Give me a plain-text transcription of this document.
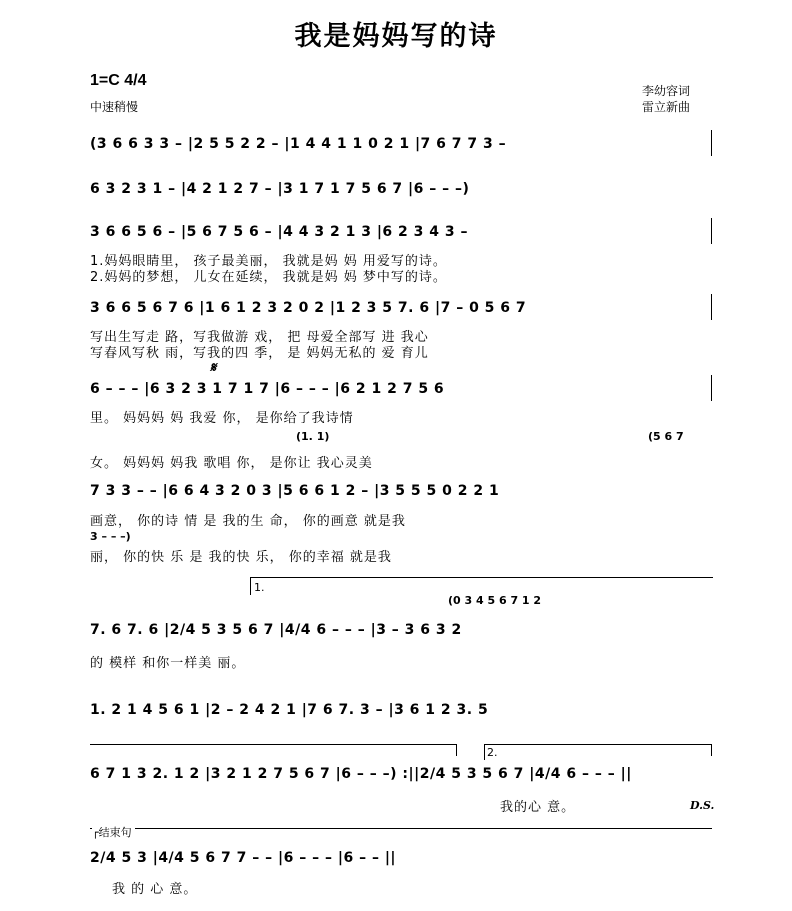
我是妈妈写的诗
1=C 4/4
中速稍慢
李幼容词
雷立新曲
(3 6 6 3 3 – |2 5 5 2 2 – |1 4 4 1 1 0 2 1 |7 6 7 7 3 –
6 3 2 3 1 – |4 2 1 2 7 – |3 1 7 1 7 5 6 7 |6 – – –)
3 6 6 5 6 – |5 6 7 5 6 – |4 4 3 2 1 3 |6 2 3 4 3 –
1.妈妈眼睛里， 孩子最美丽， 我就是妈 妈 用爱写的诗。
2.妈妈的梦想， 儿女在延续， 我就是妈 妈 梦中写的诗。
3 6 6 5 6 7 6 |1 6 1 2 3 2 0 2 |1 2 3 5 7. 6 |7 – 0 5 6 7
写出生写走 路，写我做游 戏， 把 母爱全部写 进 我心
写春风写秋 雨，写我的四 季， 是 妈妈无私的 爱 育儿
𝄋
6 – – – |6 3 2 3 1 7 1 7 |6 – – – |6 2 1 2 7 5 6
里。 妈妈妈 妈 我爱 你， 是你给了我诗情
(1. 1)	(5 6 7
女。 妈妈妈 妈我 歌唱 你， 是你让 我心灵美
7 3 3 – – |6 6 4 3 2 0 3 |5 6 6 1 2 – |3 5 5 5 0 2 2 1
画意， 你的诗 情 是 我的生 命， 你的画意 就是我
3 – – –)
丽， 你的快 乐 是 我的快 乐， 你的幸福 就是我
1.
(0 3 4 5 6 7 1 2
7. 6 7. 6 |2/4 5 3 5 6 7 |4/4 6 – – – |3 – 3 6 3 2
的 模样 和你一样美 丽。
1. 2 1 4 5 6 1 |2 – 2 4 2 1 |7 6 7. 3 – |3 6 1 2 3. 5
2.
6 7 1 3 2. 1 2 |3 2 1 2 7 5 6 7 |6 – – –) :||2/4 5 3 5 6 7 |4/4 6 – – – ||
我的心 意。	D.S.
┌结束句
2/4 5 3 |4/4 5 6 7 7 – – |6 – – – |6 – – ||
我 的 心 意。
